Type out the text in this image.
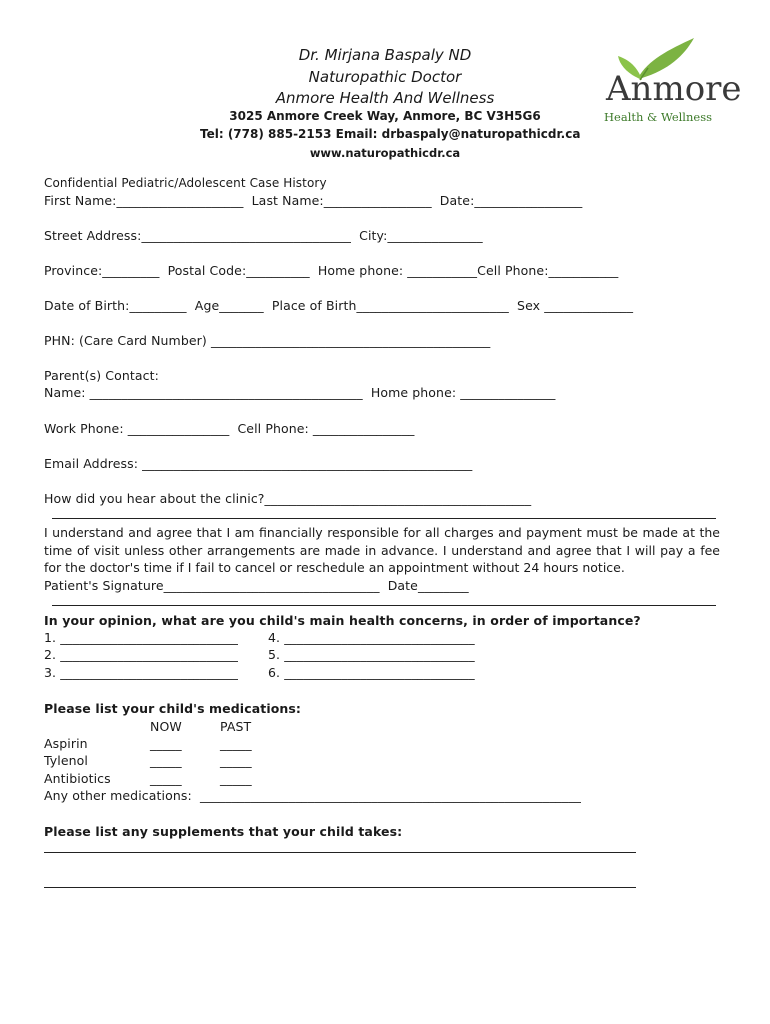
Dr. Mirjana Baspaly ND
Naturopathic Doctor
Anmore Health And Wellness
3025 Anmore Creek Way, Anmore, BC V3H5G6
Tel: (778) 885-2153 Email: drbaspaly@naturopathicdr.ca
www.naturopathicdr.ca

Anmore

Health & Wellness

Confidential Pediatric/Adolescent Case History
First Name:____________________  Last Name:_________________  Date:_________________
Street Address:_________________________________  City:_______________
Province:_________  Postal Code:__________  Home phone: ___________Cell Phone:___________
Date of Birth:_________  Age_______  Place of Birth________________________  Sex ______________
PHN: (Care Card Number) ____________________________________________
Parent(s) Contact:
Name: ___________________________________________  Home phone: _______________
Work Phone: ________________  Cell Phone: ________________
Email Address: ____________________________________________________
How did you hear about the clinic?__________________________________________
I understand and agree that I am financially responsible for all charges and payment must be made at the time of visit unless other arrangements are made in advance. I understand and agree that I will pay a fee for the doctor's time if I fail to cancel or reschedule an appointment without 24 hours notice.
Patient's Signature__________________________________  Date________
In your opinion, what are you child's main health concerns, in order of importance?
1. ____________________________
2. ____________________________
3. ____________________________
4. ______________________________
5. ______________________________
6. ______________________________
Please list your child's medications:
NOW	PAST
Aspirin	_____	_____
Tylenol	_____	_____
Antibiotics	_____	_____
Any other medications:  ____________________________________________________________
Please list any supplements that your child takes:
